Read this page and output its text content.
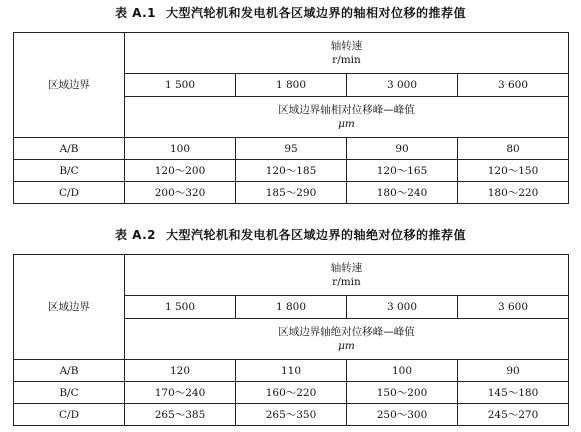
表 A.1 大型汽轮机和发电机各区域边界的轴相对位移的推荐值
区域边界	轴转速
r/min			

	1 500	1 800	3 000	3 600

	区域边界轴相对位移峰—峰值
μm			

A/B	100	95	90	80
B/C	120～200	120～185	120～165	120～150
C/D	200～320	185～290	180～240	180～220
表 A.2 大型汽轮机和发电机各区域边界的轴绝对位移的推荐值
区域边界	轴转速
r/min			

	1 500	1 800	3 000	3 600

	区域边界轴绝对位移峰—峰值
μm			

A/B	120	110	100	90
B/C	170～240	160～220	150～200	145～180
C/D	265～385	265～350	250～300	245～270
